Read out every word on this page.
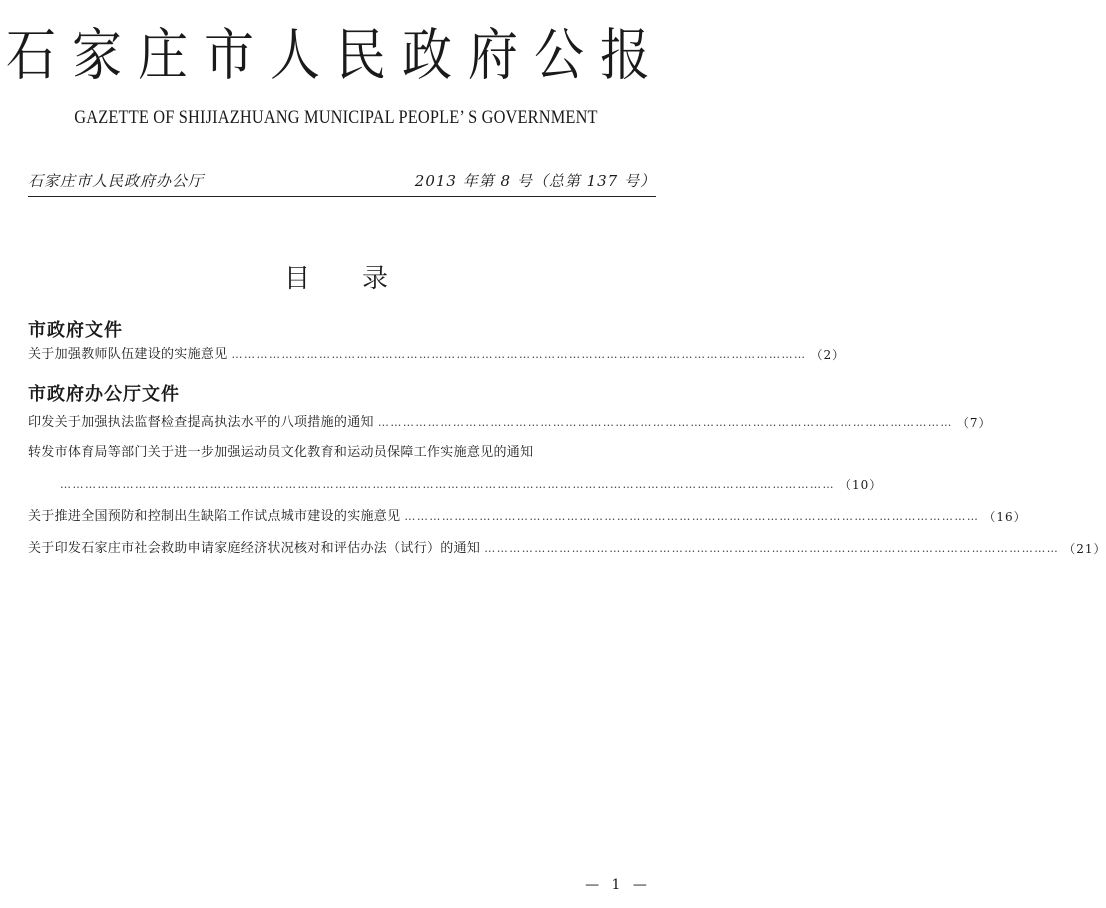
石家庄市人民政府公报
GAZETTE OF SHIJIAZHUANG MUNICIPAL PEOPLE’ S GOVERNMENT
石家庄市人民政府办公厅	2013 年第 8 号（总第 137 号）
目录
市政府文件
关于加强教师队伍建设的实施意见 ………………………………………………………………………………………………………………………… （2）
市政府办公厅文件
印发关于加强执法监督检查提高执法水平的八项措施的通知 ………………………………………………………………………………………………………………………… （7）
转发市体育局等部门关于进一步加强运动员文化教育和运动员保障工作实施意见的通知
…………………………………………………………………………………………………………………………………………………………………… （10）
关于推进全国预防和控制出生缺陷工作试点城市建设的实施意见 ………………………………………………………………………………………………………………………… （16）
关于印发石家庄市社会救助申请家庭经济状况核对和评估办法（试行）的通知 ………………………………………………………………………………………………………………………… （21）
— 1 —
